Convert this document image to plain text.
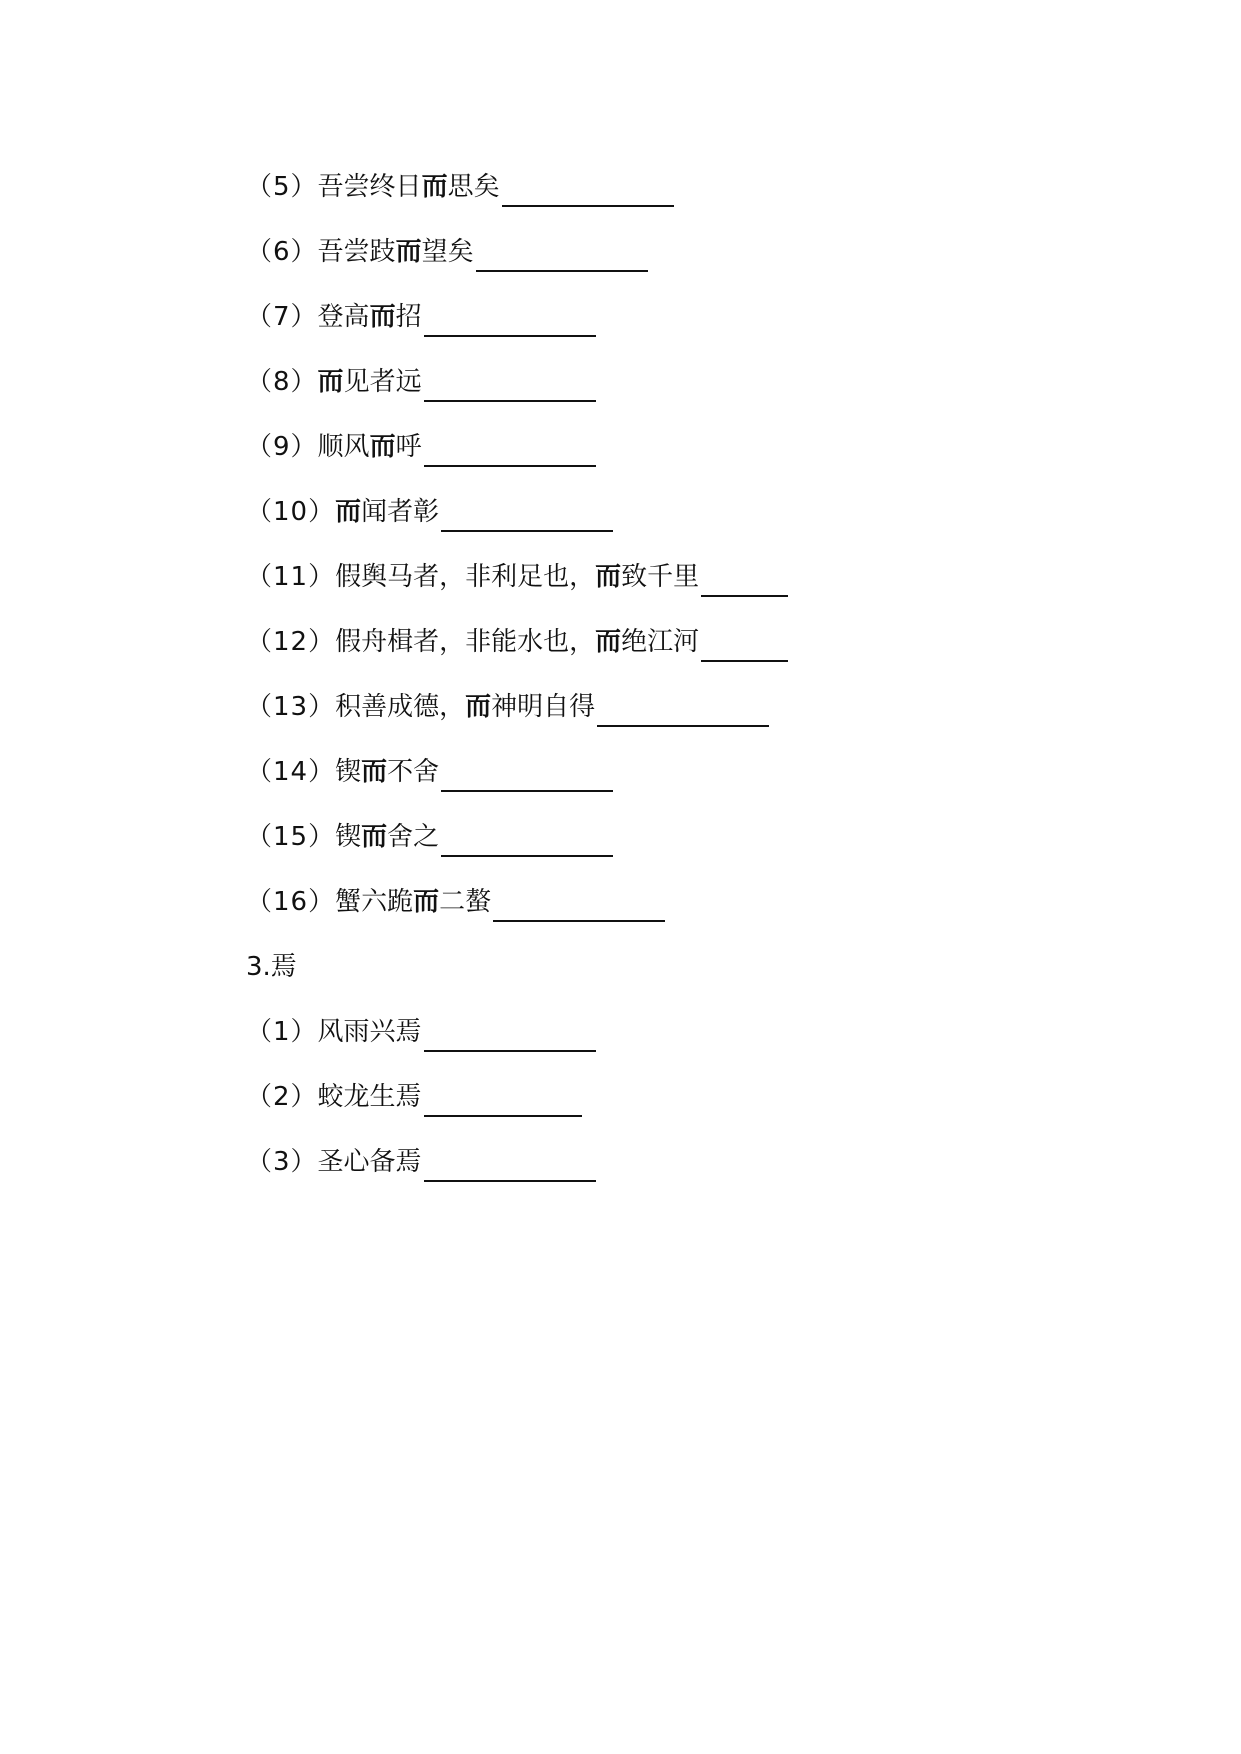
（5） 吾尝终日 而 思矣
（6） 吾尝跂 而 望矣
（7） 登高 而 招
（8） 而 见者远
（9） 顺风 而 呼
（10） 而 闻者彰
（11） 假舆马者，非利足也， 而 致千里
（12） 假舟楫者，非能水也， 而 绝江河
（13） 积善成德， 而 神明自得
（14） 锲 而 不舍
（15） 锲 而 舍之
（16） 蟹六跪 而 二螯
3.焉
（1） 风雨兴焉
（2） 蛟龙生焉
（3） 圣心备焉
